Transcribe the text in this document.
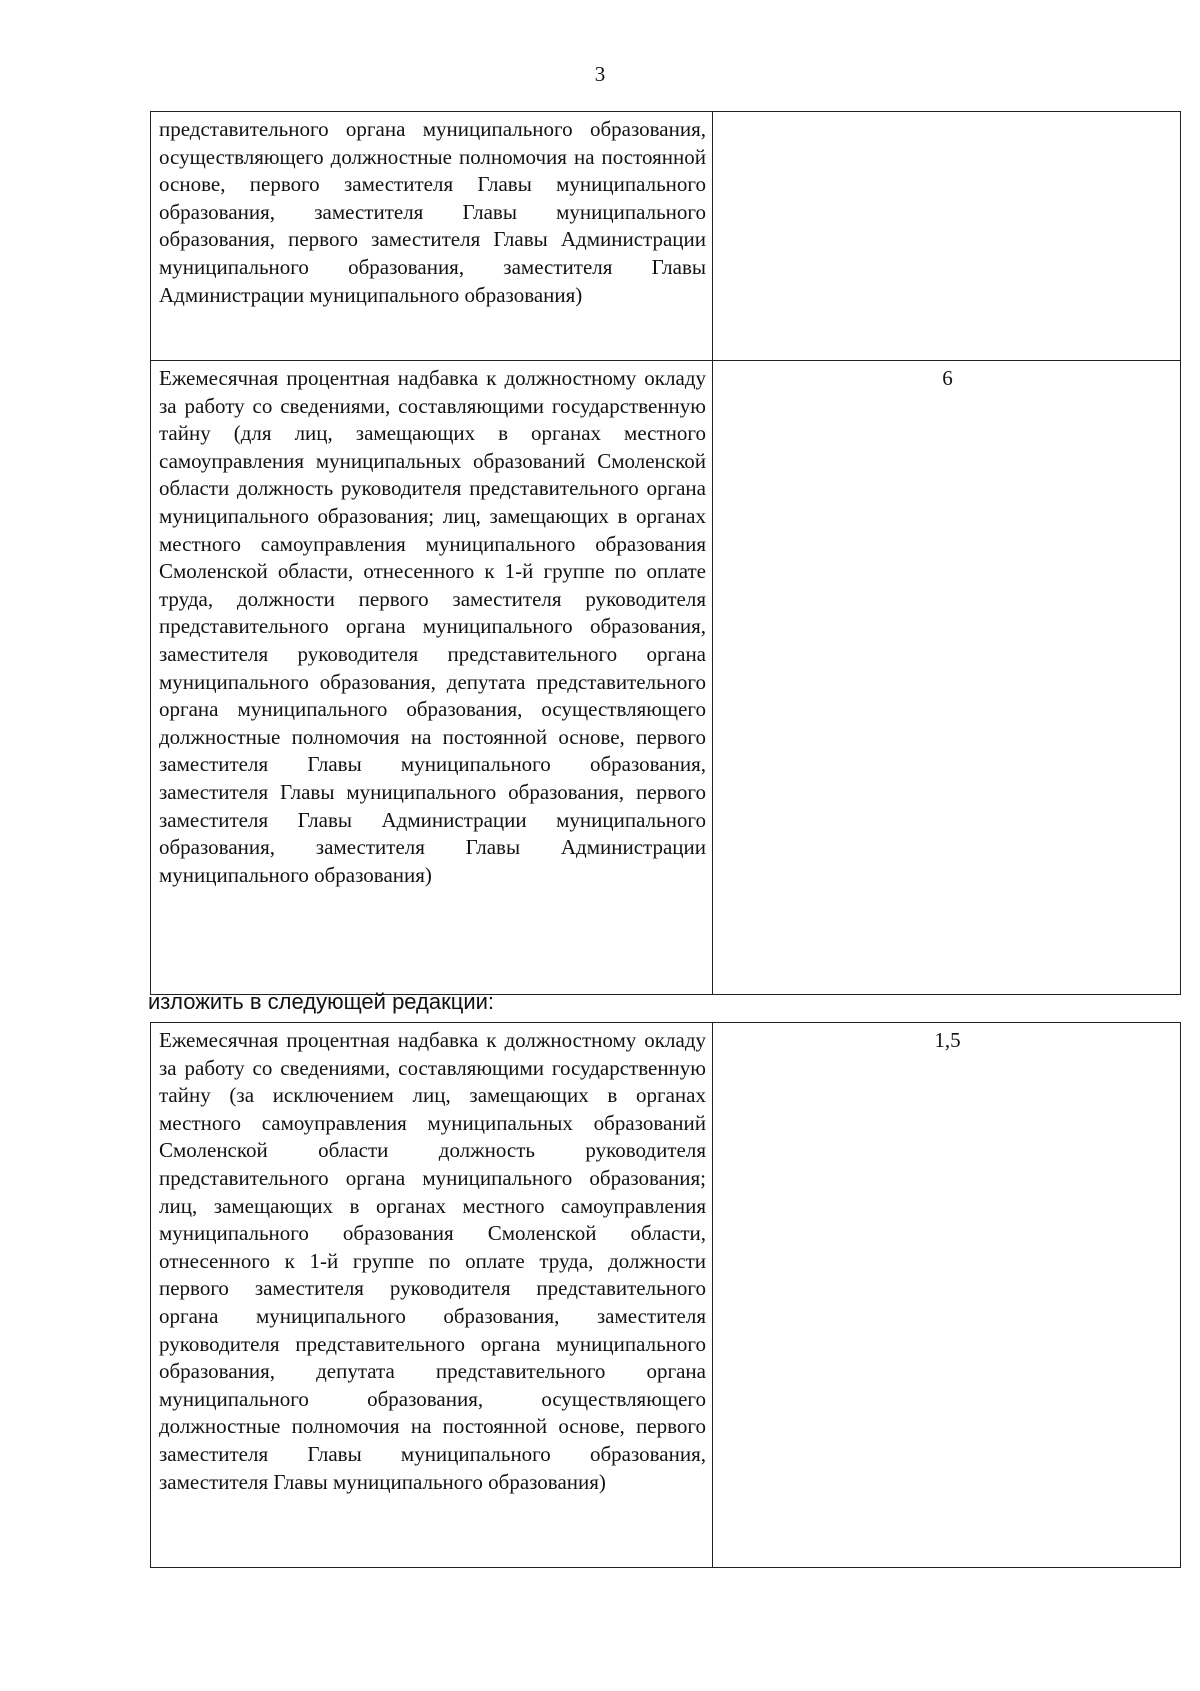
3
представительного органа муниципального образования, осуществляющего должностные полномочия на постоянной основе, первого заместителя Главы муниципального образования, заместителя Главы муниципального образования, первого заместителя Главы Администрации муниципального образования, заместителя Главы Администрации муниципального образования)	
Ежемесячная процентная надбавка к должностному окладу за работу со сведениями, составляющими государственную тайну (для лиц, замещающих в органах местного самоуправления муниципальных образований Смоленской области должность руководителя представительного органа муниципального образования; лиц, замещающих в органах местного самоуправления муниципального образования Смоленской области, отнесенного к 1-й группе по оплате труда, должности первого заместителя руководителя представительного органа муниципального образования, заместителя руководителя представительного органа муниципального образования, депутата представительного органа муниципального образования, осуществляющего должностные полномочия на постоянной основе, первого заместителя Главы муниципального образования, заместителя Главы муниципального образования, первого заместителя Главы Администрации муниципального образования, заместителя Главы Администрации муниципального образования)	6
изложить в следующей редакции:
Ежемесячная процентная надбавка к должностному окладу за работу со сведениями, составляющими государственную тайну (за исключением лиц, замещающих в органах местного самоуправления муниципальных образований Смоленской области должность руководителя представительного органа муниципального образования; лиц, замещающих в органах местного самоуправления муниципального образования Смоленской области, отнесенного к 1-й группе по оплате труда, должности первого заместителя руководителя представительного органа муниципального образования, заместителя руководителя представительного органа муниципального образования, депутата представительного органа муниципального образования, осуществляющего должностные полномочия на постоянной основе, первого заместителя Главы муниципального образования, заместителя Главы муниципального образования)	1,5
